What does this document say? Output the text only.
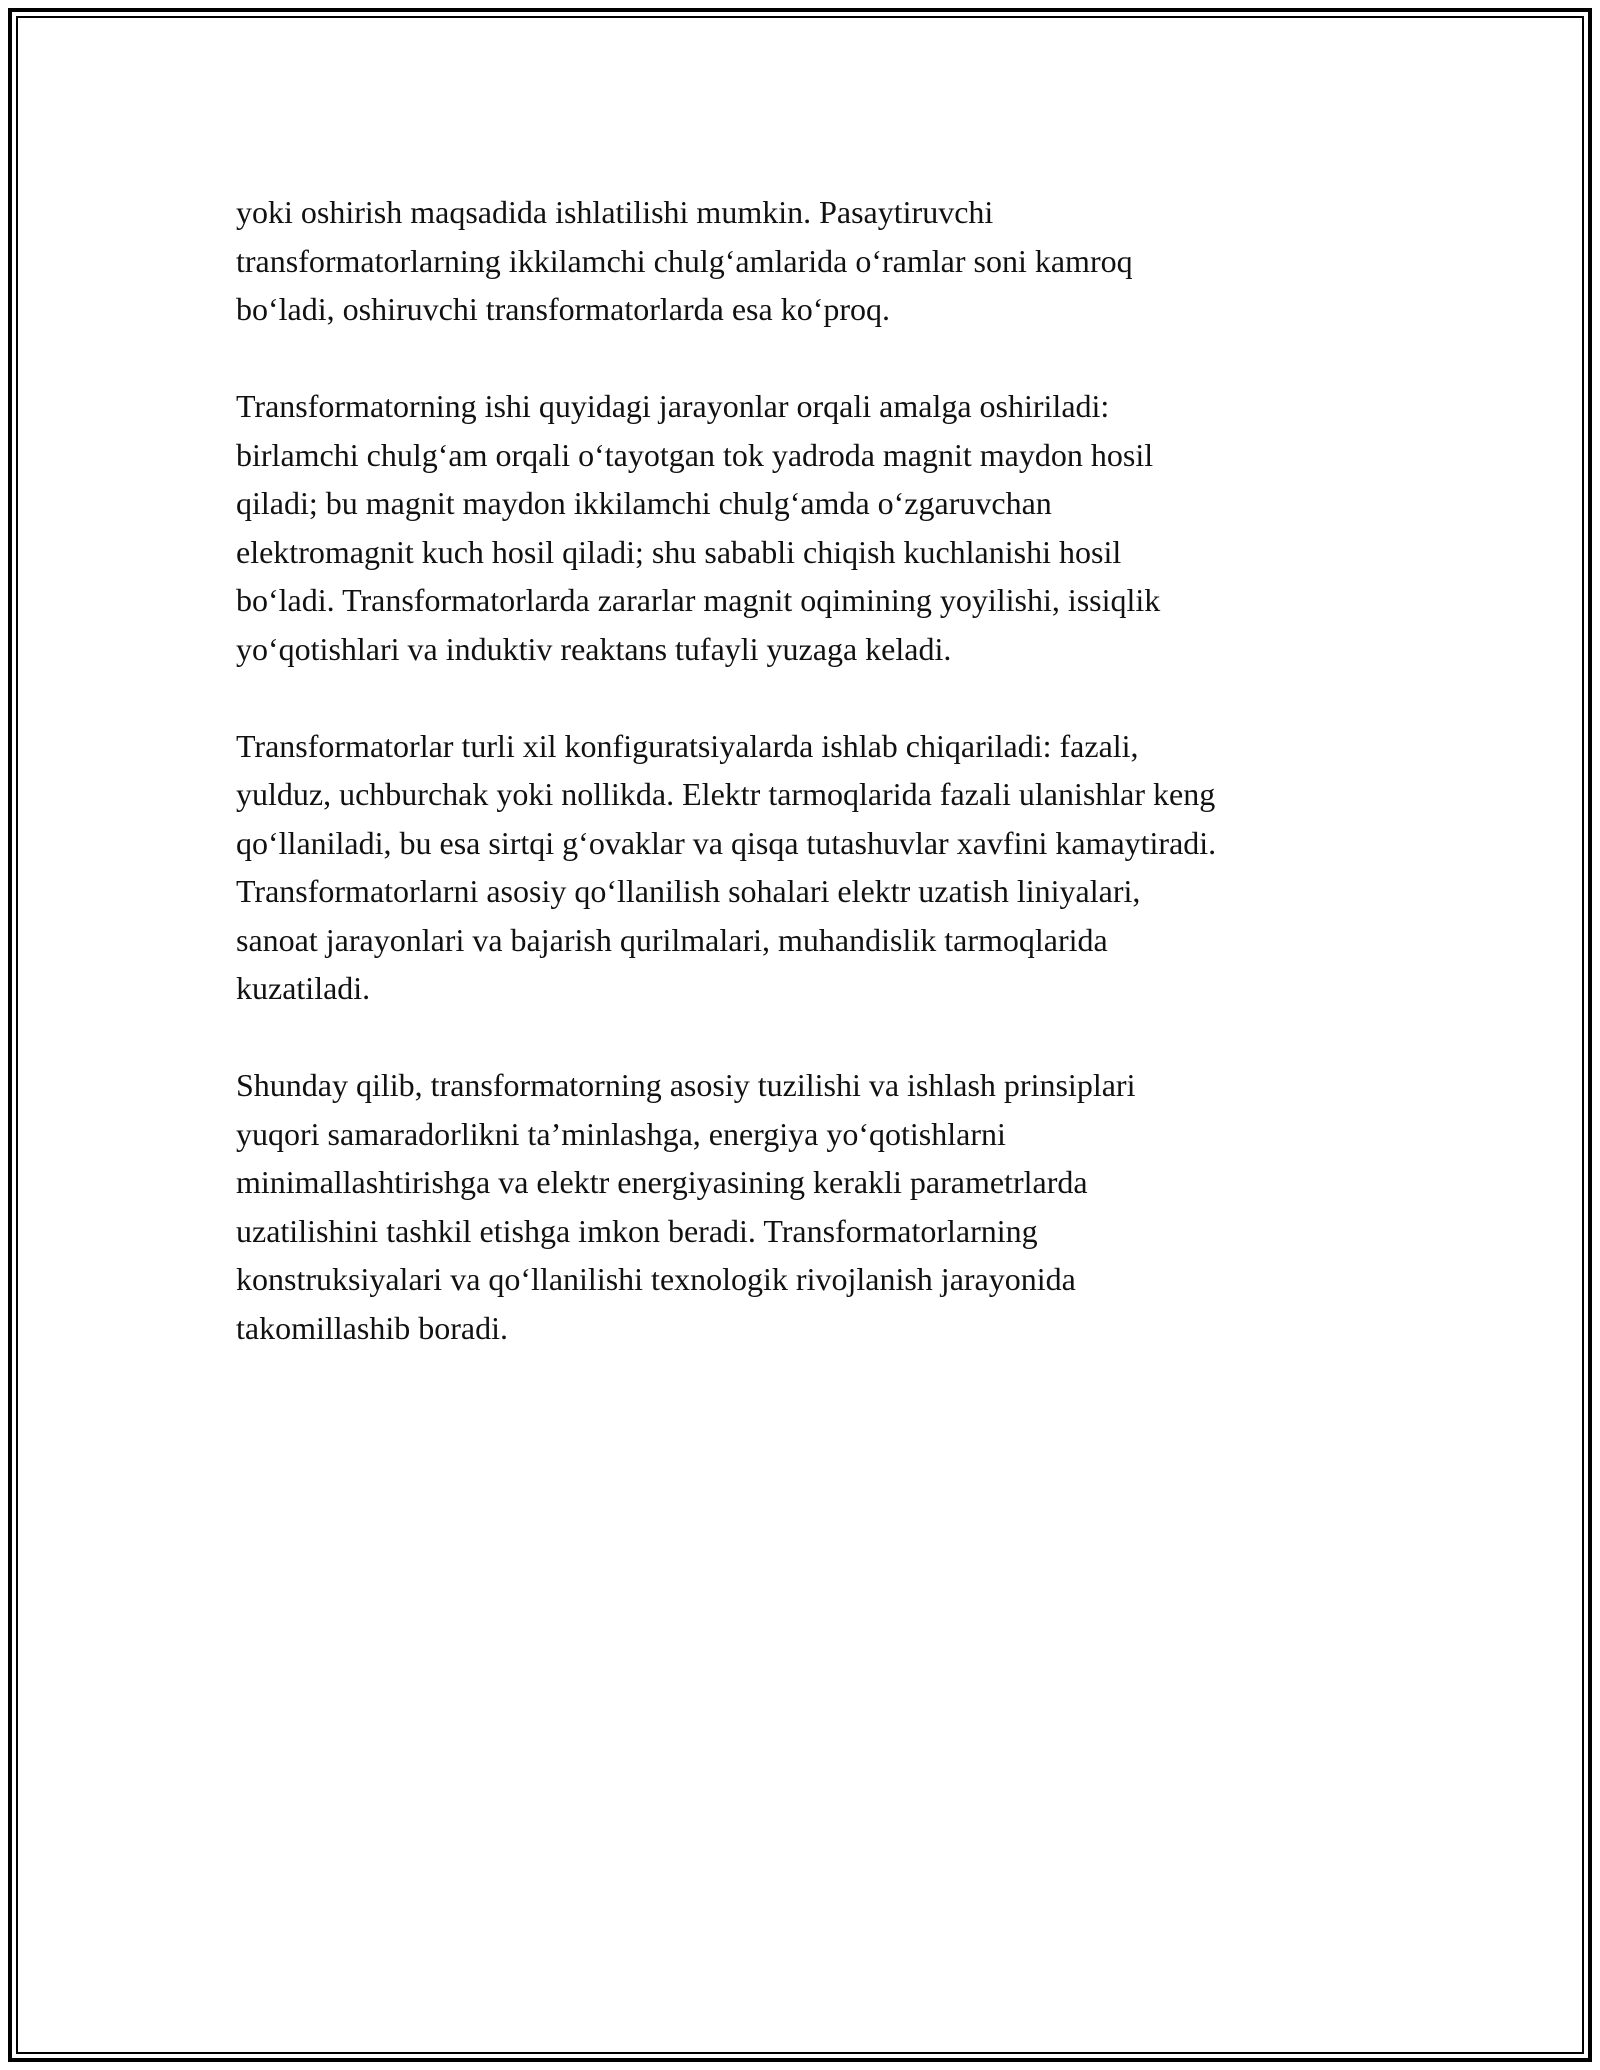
yoki oshirish maqsadida ishlatilishi mumkin. Pasaytiruvchi
transformatorlarning ikkilamchi chulg‘amlarida o‘ramlar soni kamroq
bo‘ladi, oshiruvchi transformatorlarda esa ko‘proq.

Transformatorning ishi quyidagi jarayonlar orqali amalga oshiriladi:
birlamchi chulg‘am orqali o‘tayotgan tok yadroda magnit maydon hosil
qiladi; bu magnit maydon ikkilamchi chulg‘amda o‘zgaruvchan
elektromagnit kuch hosil qiladi; shu sababli chiqish kuchlanishi hosil
bo‘ladi. Transformatorlarda zararlar magnit oqimining yoyilishi, issiqlik
yo‘qotishlari va induktiv reaktans tufayli yuzaga keladi.

Transformatorlar turli xil konfiguratsiyalarda ishlab chiqariladi: fazali,
yulduz, uchburchak yoki nollikda. Elektr tarmoqlarida fazali ulanishlar keng
qo‘llaniladi, bu esa sirtqi g‘ovaklar va qisqa tutashuvlar xavfini kamaytiradi.
Transformatorlarni asosiy qo‘llanilish sohalari elektr uzatish liniyalari,
sanoat jarayonlari va bajarish qurilmalari, muhandislik tarmoqlarida
kuzatiladi.

Shunday qilib, transformatorning asosiy tuzilishi va ishlash prinsiplari
yuqori samaradorlikni ta’minlashga, energiya yo‘qotishlarni
minimallashtirishga va elektr energiyasining kerakli parametrlarda
uzatilishini tashkil etishga imkon beradi. Transformatorlarning
konstruksiyalari va qo‘llanilishi texnologik rivojlanish jarayonida
takomillashib boradi.
